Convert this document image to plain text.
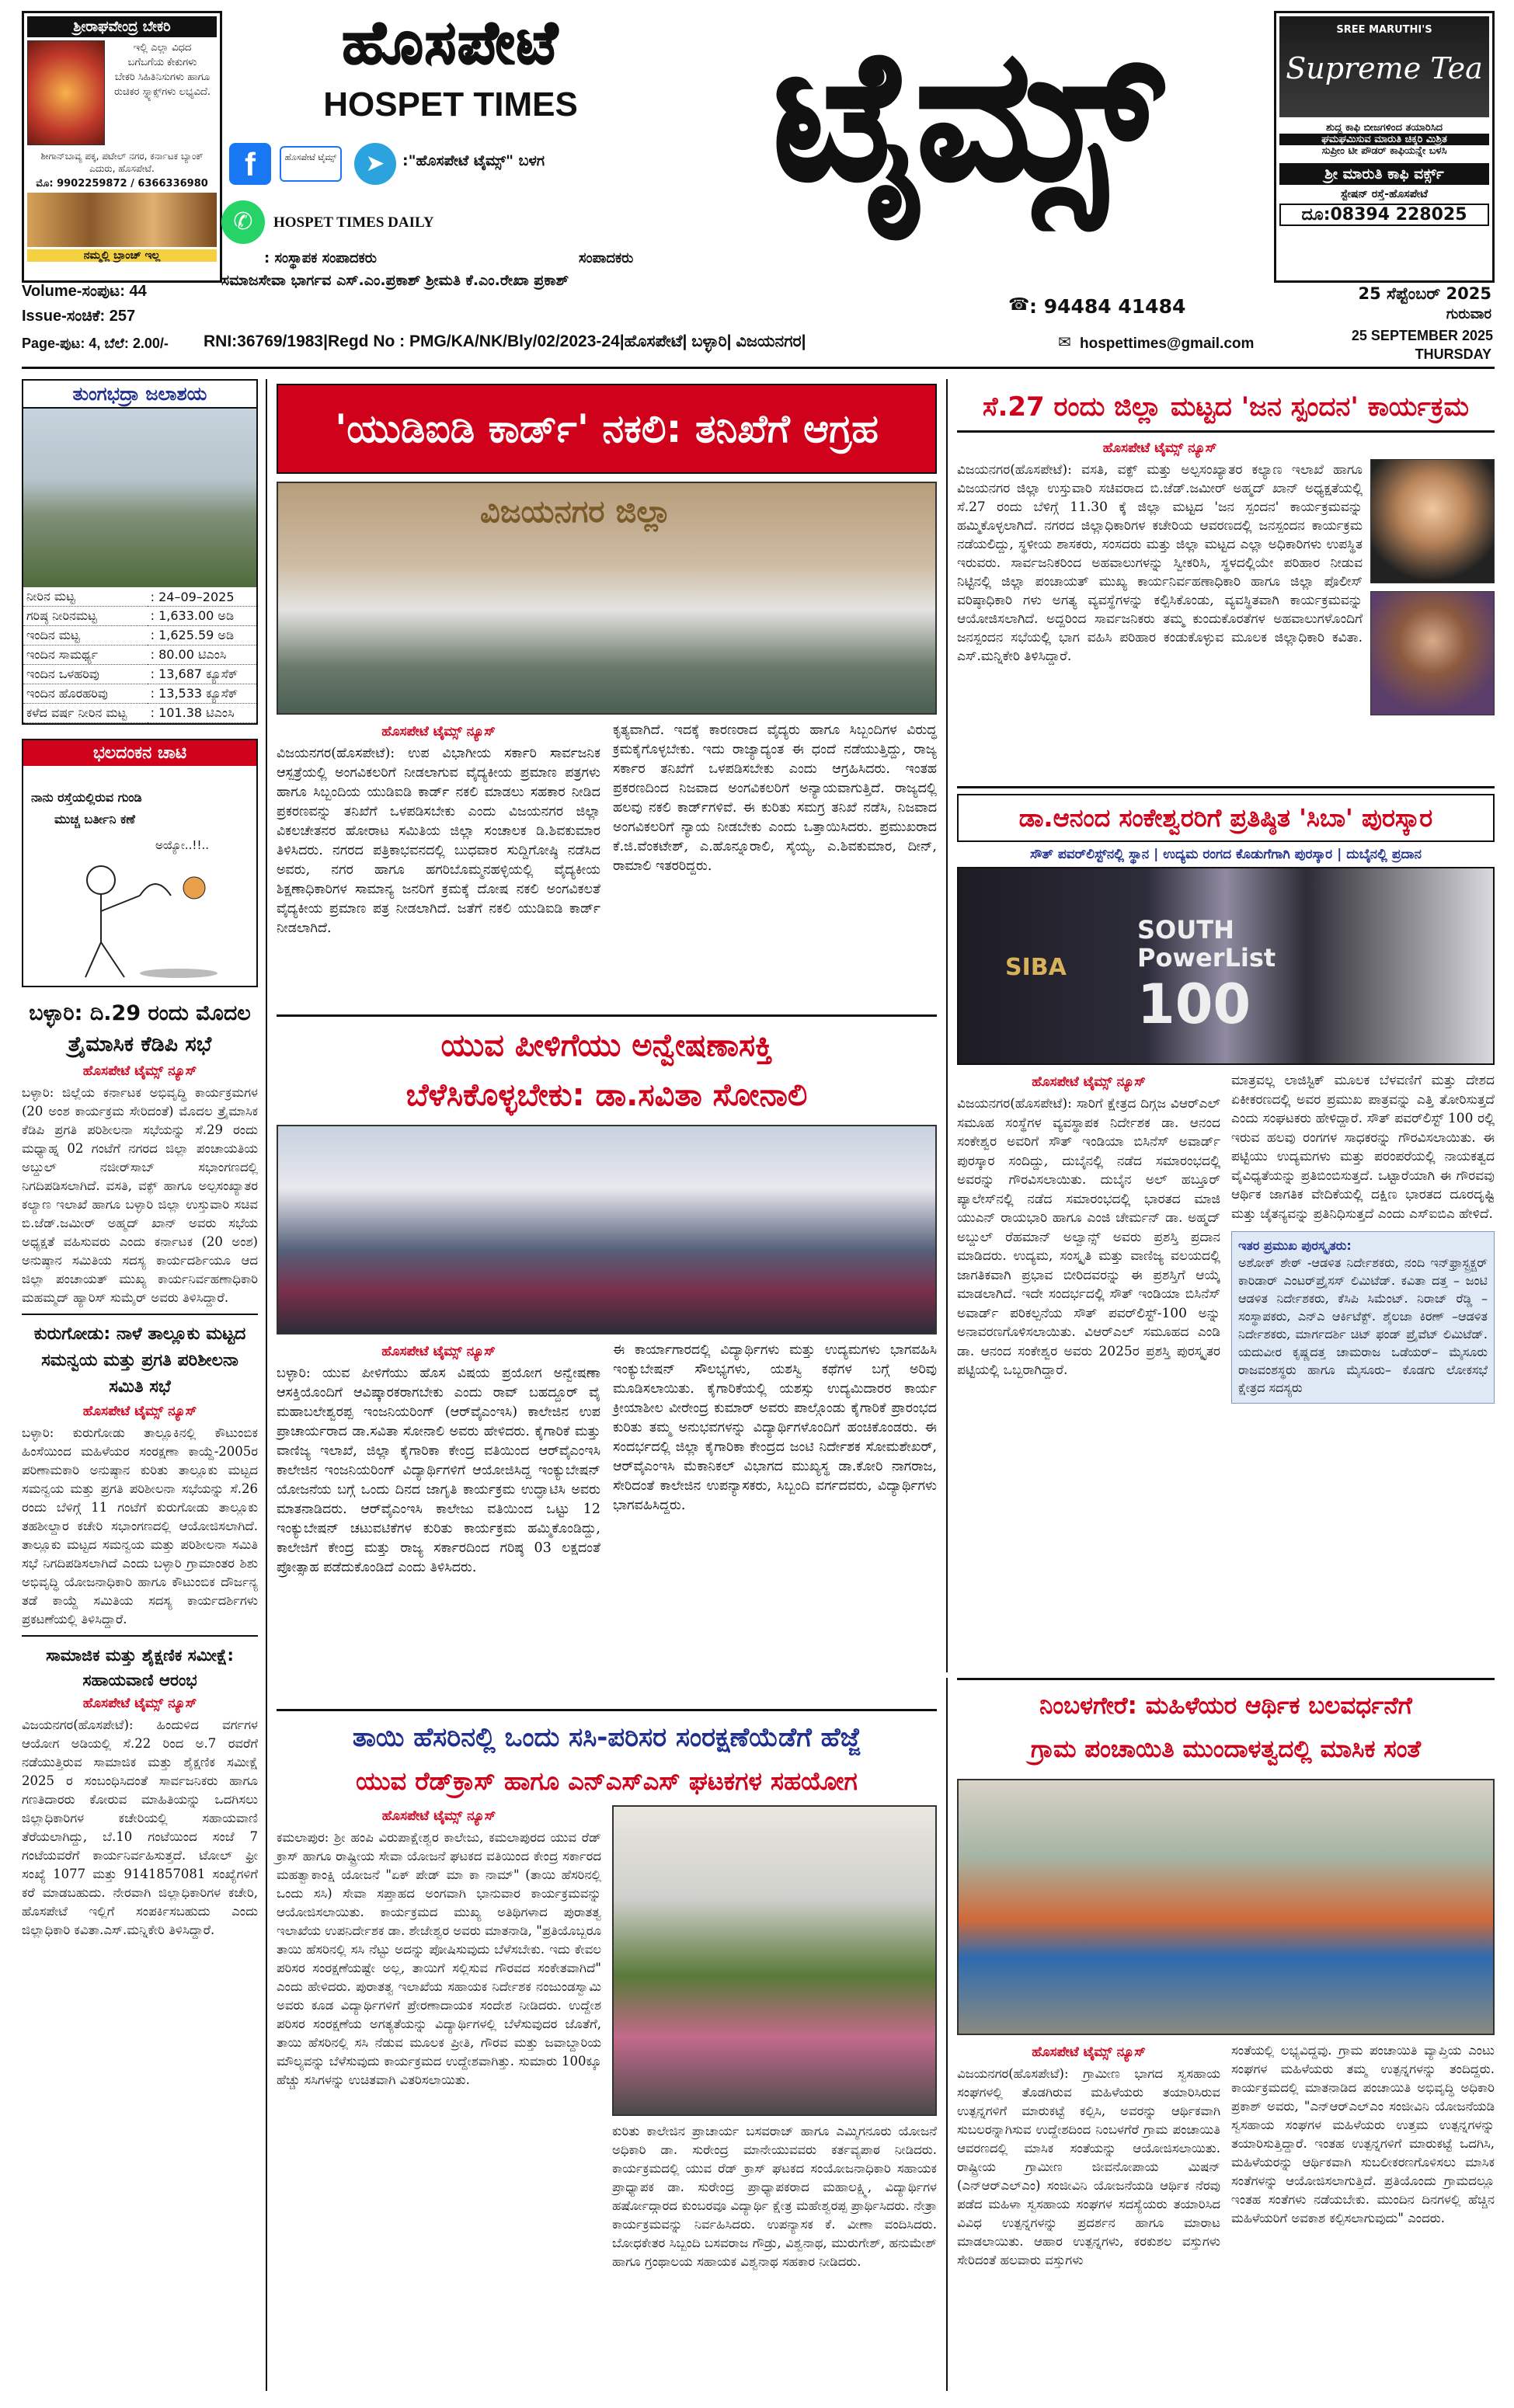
ಶ್ರೀರಾಘವೇಂದ್ರ ಬೇಕರಿ
ಇಲ್ಲಿ ಎಲ್ಲಾ ವಿಧದ
ಬಗೆಬಗೆಯ ಕೇಕುಗಳು
ಬೇಕರಿ ಸಿಹಿತಿನಿಸುಗಳು ಹಾಗೂ
ರುಚಿಕರ ಸ್ನ್ಯಾಕ್ಸ್‌ಗಳು ಲಭ್ಯವಿದೆ.
ಶೀಗಾನ್‌ಬಾವ್ಯ ಪಕ್ಕ, ಪಟೇಲ್ ನಗರ, ಕರ್ನಾಟಕ ಬ್ಯಾಂಕ್ ಎದುರು, ಹೊಸಪೇಟೆ.
ಮೊ: 9902259872 / 6366336980
ನಮ್ಮಲ್ಲಿ ಬ್ರಾಂಚ್ ಇಲ್ಲ
ಹೊಸಪೇಟೆ
HOSPET TIMES	ಟೈಮ್ಸ್
f	ಹೊಸಪೇಟೆ ಟೈಮ್ಸ್	➤	:"ಹೊಸಪೇಟೆ ಟೈಮ್ಸ್" ಬಳಗ
✆	HOSPET TIMES DAILY
: ಸಂಸ್ಥಾಪಕ ಸಂಪಾದಕರು	ಸಂಪಾದಕರು
ಸಮಾಜಸೇವಾ ಭಾರ್ಗವ ಎಸ್.ಎಂ.ಪ್ರಕಾಶ್ ಶ್ರೀಮತಿ ಕೆ.ಎಂ.ರೇಖಾ ಪ್ರಕಾಶ್
: 94484 41484
☎
SREE MARUTHI'S
Supreme Tea
ಶುದ್ಧ ಕಾಫಿ ಬೀಜಗಳಿಂದ ತಯಾರಿಸಿದ
ಘಮಘಮಿಸುವ ಮಾರುತಿ ಚಿಕ್ಕರಿ ಮಿಶ್ರಿತ
ಸುಪ್ರೀಂ ಟೀ ಪೌಡರ್ ಕಾಫಿಯನ್ನೇ ಬಳಸಿ
ಶ್ರೀ ಮಾರುತಿ ಕಾಫಿ ವರ್ಕ್ಸ್
ಸ್ಟೇಷನ್ ರಸ್ತೆ-ಹೊಸಪೇಟೆ
ದೂ:08394 228025
Volume-ಸಂಪುಟ: 44
Issue-ಸಂಚಿಕೆ: 257
Page-ಪುಟ: 4, ಬೆಲೆ: 2.00/- RNI:36769/1983|Regd No : PMG/KA/NK/Bly/02/2023-24|ಹೊಸಪೇಟೆ| ಬಳ್ಳಾರಿ| ವಿಜಯನಗರ|	✉ hospettimes@gmail.com
25 ಸೆಪ್ಟೆಂಬರ್ 2025
ಗುರುವಾರ
25 SEPTEMBER 2025
THURSDAY
ತುಂಗಭದ್ರಾ ಜಲಾಶಯ
ನೀರಿನ ಮಟ್ಟ	: 24–09–2025
ಗರಿಷ್ಠ ನೀರಿನಮಟ್ಟ	: 1,633.00 ಅಡಿ
ಇಂದಿನ ಮಟ್ಟ	: 1,625.59 ಅಡಿ
ಇಂದಿನ ಸಾಮರ್ಥ್ಯ	: 80.00 ಟಿಎಂಸಿ
ಇಂದಿನ ಒಳಹರಿವು	: 13,687 ಕ್ಯೂಸೆಕ್
ಇಂದಿನ ಹೊರಹರಿವು	: 13,533 ಕ್ಯೂಸೆಕ್
ಕಳೆದ ವರ್ಷ ನೀರಿನ ಮಟ್ಟ	: 101.38 ಟಿಎಂಸಿ
ಭಲದಂಕನ ಚಾಟಿ
ನಾನು ರಸ್ತೆಯಲ್ಲಿರುವ ಗುಂಡಿ
ಮುಚ್ಚ ಬರ್ತೀನಿ ಕಣೆ
ಅಯ್ಯೋ..!!..
ಬಳ್ಳಾರಿ: ದಿ.29 ರಂದು ಮೊದಲ ತ್ರೈಮಾಸಿಕ ಕೆಡಿಪಿ ಸಭೆ
ಹೊಸಪೇಟೆ ಟೈಮ್ಸ್ ನ್ಯೂಸ್
ಬಳ್ಳಾರಿ: ಜಿಲ್ಲೆಯ ಕರ್ನಾಟಕ ಅಭಿವೃದ್ಧಿ ಕಾರ್ಯಕ್ರಮಗಳ (20 ಅಂಶ ಕಾರ್ಯಕ್ರಮ ಸೇರಿದಂತೆ) ಮೊದಲ ತ್ರೈಮಾಸಿಕ ಕೆಡಿಪಿ ಪ್ರಗತಿ ಪರಿಶೀಲನಾ ಸಭೆಯನ್ನು ಸೆ.29 ರಂದು ಮಧ್ಯಾಹ್ನ 02 ಗಂಟೆಗೆ ನಗರದ ಜಿಲ್ಲಾ ಪಂಚಾಯತಿಯ ಅಬ್ದುಲ್ ನಜೀರ್‌ಸಾಬ್ ಸಭಾಂಗಣದಲ್ಲಿ ನಿಗದಿಪಡಿಸಲಾಗಿದೆ. ವಸತಿ, ವಕ್ಫ್ ಹಾಗೂ ಅಲ್ಪಸಂಖ್ಯಾತರ ಕಲ್ಯಾಣ ಇಲಾಖೆ ಹಾಗೂ ಬಳ್ಳಾರಿ ಜಿಲ್ಲಾ ಉಸ್ತುವಾರಿ ಸಚಿವ ಬಿ.ಜೆಡ್.ಜಮೀರ್ ಅಹ್ಮದ್ ಖಾನ್ ಅವರು ಸಭೆಯ ಅಧ್ಯಕ್ಷತೆ ವಹಿಸುವರು ಎಂದು ಕರ್ನಾಟಕ (20 ಅಂಶ) ಅನುಷ್ಠಾನ ಸಮಿತಿಯ ಸದಸ್ಯ ಕಾರ್ಯದರ್ಶಿಯೂ ಆದ ಜಿಲ್ಲಾ ಪಂಚಾಯತ್ ಮುಖ್ಯ ಕಾರ್ಯನಿರ್ವಹಣಾಧಿಕಾರಿ ಮಹಮ್ಮದ್ ಹ್ಯಾರಿಸ್ ಸುಮೈರ್ ಅವರು ತಿಳಿಸಿದ್ದಾರೆ.
ಕುರುಗೋಡು: ನಾಳೆ ತಾಲ್ಲೂಕು ಮಟ್ಟದ ಸಮನ್ವಯ ಮತ್ತು ಪ್ರಗತಿ ಪರಿಶೀಲನಾ ಸಮಿತಿ ಸಭೆ
ಹೊಸಪೇಟೆ ಟೈಮ್ಸ್ ನ್ಯೂಸ್
ಬಳ್ಳಾರಿ: ಕುರುಗೋಡು ತಾಲ್ಲೂಕಿನಲ್ಲಿ ಕೌಟುಂಬಿಕ ಹಿಂಸೆಯಿಂದ ಮಹಿಳೆಯರ ಸಂರಕ್ಷಣಾ ಕಾಯ್ದೆ-2005ರ ಪರಿಣಾಮಕಾರಿ ಅನುಷ್ಠಾನ ಕುರಿತು ತಾಲ್ಲೂಕು ಮಟ್ಟದ ಸಮನ್ವಯ ಮತ್ತು ಪ್ರಗತಿ ಪರಿಶೀಲನಾ ಸಭೆಯನ್ನು ಸೆ.26 ರಂದು ಬೆಳಿಗ್ಗೆ 11 ಗಂಟೆಗೆ ಕುರುಗೋಡು ತಾಲ್ಲೂಕು ತಹಶೀಲ್ದಾರ ಕಚೇರಿ ಸಭಾಂಗಣದಲ್ಲಿ ಆಯೋಜಿಸಲಾಗಿದೆ. ತಾಲ್ಲೂಕು ಮಟ್ಟದ ಸಮನ್ವಯ ಮತ್ತು ಪರಿಶೀಲನಾ ಸಮಿತಿ ಸಭೆ ನಿಗದಿಪಡಿಸಲಾಗಿದೆ ಎಂದು ಬಳ್ಳಾರಿ ಗ್ರಾಮಾಂತರ ಶಿಶು ಅಭಿವೃದ್ಧಿ ಯೋಜನಾಧಿಕಾರಿ ಹಾಗೂ ಕೌಟುಂಬಿಕ ದೌರ್ಜನ್ಯ ತಡೆ ಕಾಯ್ದೆ ಸಮಿತಿಯ ಸದಸ್ಯ ಕಾರ್ಯದರ್ಶಿಗಳು ಪ್ರಕಟಣೆಯಲ್ಲಿ ತಿಳಿಸಿದ್ದಾರೆ.
ಸಾಮಾಜಿಕ ಮತ್ತು ಶೈಕ್ಷಣಿಕ ಸಮೀಕ್ಷೆ: ಸಹಾಯವಾಣಿ ಆರಂಭ
ಹೊಸಪೇಟೆ ಟೈಮ್ಸ್ ನ್ಯೂಸ್
ವಿಜಯನಗರ(ಹೊಸಪೇಟೆ): ಹಿಂದುಳಿದ ವರ್ಗಗಳ ಆಯೋಗ ಅಡಿಯಲ್ಲಿ ಸೆ.22 ರಿಂದ ಅ.7 ರವರೆಗೆ ನಡೆಯುತ್ತಿರುವ ಸಾಮಾಜಿಕ ಮತ್ತು ಶೈಕ್ಷಣಿಕ ಸಮೀಕ್ಷೆ 2025 ರ ಸಂಬಂಧಿಸಿದಂತೆ ಸಾರ್ವಜನಿಕರು ಹಾಗೂ ಗಣತಿದಾರರು ಕೋರುವ ಮಾಹಿತಿಯನ್ನು ಒದಗಿಸಲು ಜಿಲ್ಲಾಧಿಕಾರಿಗಳ ಕಚೇರಿಯಲ್ಲಿ ಸಹಾಯವಾಣಿ ತೆರೆಯಲಾಗಿದ್ದು, ಬೆ.10 ಗಂಟೆಯಿಂದ ಸಂಜೆ 7 ಗಂಟೆಯವರೆಗೆ ಕಾರ್ಯನಿರ್ವಹಿಸುತ್ತದೆ. ಟೋಲ್ ಫ್ರೀ ಸಂಖ್ಯೆ 1077 ಮತ್ತು 9141857081 ಸಂಖ್ಯೆಗಳಿಗೆ ಕರೆ ಮಾಡಬಹುದು. ನೇರವಾಗಿ ಜಿಲ್ಲಾಧಿಕಾರಿಗಳ ಕಚೇರಿ, ಹೊಸಪೇಟೆ ಇಲ್ಲಿಗೆ ಸಂಪರ್ಕಿಸಬಹುದು ಎಂದು ಜಿಲ್ಲಾಧಿಕಾರಿ ಕವಿತಾ.ಎಸ್.ಮನ್ನಿಕೇರಿ ತಿಳಿಸಿದ್ದಾರೆ.
'ಯುಡಿಐಡಿ ಕಾರ್ಡ್' ನಕಲಿ: ತನಿಖೆಗೆ ಆಗ್ರಹ
ವಿಜಯನಗರ ಜಿಲ್ಲಾ
ಹೊಸಪೇಟೆ ಟೈಮ್ಸ್ ನ್ಯೂಸ್
ವಿಜಯನಗರ(ಹೊಸಪೇಟೆ): ಉಪ ವಿಭಾಗೀಯ ಸರ್ಕಾರಿ ಸಾರ್ವಜನಿಕ ಆಸ್ಪತ್ರೆಯಲ್ಲಿ ಅಂಗವಿಕಲರಿಗೆ ನೀಡಲಾಗುವ ವೈದ್ಯಕೀಯ ಪ್ರಮಾಣ ಪತ್ರಗಳು ಹಾಗೂ ಸಿಬ್ಬಂದಿಯ ಯುಡಿಐಡಿ ಕಾರ್ಡ್ ನಕಲಿ ಮಾಡಲು ಸಹಕಾರ ನೀಡಿದ ಪ್ರಕರಣವನ್ನು ತನಿಖೆಗೆ ಒಳಪಡಿಸಬೇಕು ಎಂದು ವಿಜಯನಗರ ಜಿಲ್ಲಾ ವಿಕಲಚೇತನರ ಹೋರಾಟ ಸಮಿತಿಯ ಜಿಲ್ಲಾ ಸಂಚಾಲಕ ಡಿ.ಶಿವಕುಮಾರ ತಿಳಿಸಿದರು. ನಗರದ ಪತ್ರಿಕಾಭವನದಲ್ಲಿ ಬುಧವಾರ ಸುದ್ದಿಗೋಷ್ಠಿ ನಡೆಸಿದ ಅವರು, ನಗರ ಹಾಗೂ ಹಗರಿಬೊಮ್ಮನಹಳ್ಳಿಯಲ್ಲಿ ವೈದ್ಯಕೀಯ ಶಿಕ್ಷಣಾಧಿಕಾರಿಗಳ ಸಾಮಾನ್ಯ ಜನರಿಗೆ ಕ್ರಮಕ್ಕೆ ದೋಷ ನಕಲಿ ಅಂಗವಿಕಲತೆ ವೈದ್ಯಕೀಯ ಪ್ರಮಾಣ ಪತ್ರ ನೀಡಲಾಗಿದೆ. ಜತೆಗೆ ನಕಲಿ ಯುಡಿಐಡಿ ಕಾರ್ಡ್ ನೀಡಲಾಗಿದೆ.
ಕೃತ್ಯವಾಗಿದೆ. ಇದಕ್ಕೆ ಕಾರಣರಾದ ವೈದ್ಯರು ಹಾಗೂ ಸಿಬ್ಬಂದಿಗಳ ವಿರುದ್ಧ ಕ್ರಮಕೈಗೊಳ್ಳಬೇಕು. ಇದು ರಾಜ್ಯಾದ್ಯಂತ ಈ ಧಂದೆ ನಡೆಯುತ್ತಿದ್ದು, ರಾಜ್ಯ ಸರ್ಕಾರ ತನಿಖೆಗೆ ಒಳಪಡಿಸಬೇಕು ಎಂದು ಆಗ್ರಹಿಸಿದರು. ಇಂತಹ ಪ್ರಕರಣದಿಂದ ನಿಜವಾದ ಅಂಗವಿಕಲರಿಗೆ ಅನ್ಯಾಯವಾಗುತ್ತಿದೆ. ರಾಜ್ಯದಲ್ಲಿ ಹಲವು ನಕಲಿ ಕಾರ್ಡ್‌ಗಳಿವೆ. ಈ ಕುರಿತು ಸಮಗ್ರ ತನಿಖೆ ನಡೆಸಿ, ನಿಜವಾದ ಅಂಗವಿಕಲರಿಗೆ ನ್ಯಾಯ ನೀಡಬೇಕು ಎಂದು ಒತ್ತಾಯಿಸಿದರು. ಪ್ರಮುಖರಾದ ಕೆ.ಜಿ.ವೆಂಕಟೇಶ್, ಎ.ಹೊನ್ನೂರಾಲಿ, ಸೈಯ್ಯ, ಎ.ಶಿವಕುಮಾರ, ದೀನ್, ರಾಮಾಲಿ ಇತರರಿದ್ದರು.
ಸೆ.27 ರಂದು ಜಿಲ್ಲಾ ಮಟ್ಟದ 'ಜನ ಸ್ಪಂದನ' ಕಾರ್ಯಕ್ರಮ
ಹೊಸಪೇಟೆ ಟೈಮ್ಸ್ ನ್ಯೂಸ್
ವಿಜಯನಗರ(ಹೊಸಪೇಟೆ): ವಸತಿ, ವಕ್ಫ್ ಮತ್ತು ಅಲ್ಪಸಂಖ್ಯಾತರ ಕಲ್ಯಾಣ ಇಲಾಖೆ ಹಾಗೂ ವಿಜಯನಗರ ಜಿಲ್ಲಾ ಉಸ್ತುವಾರಿ ಸಚಿವರಾದ ಬಿ.ಜೆಡ್.ಜಮೀರ್ ಅಹ್ಮದ್ ಖಾನ್ ಅಧ್ಯಕ್ಷತೆಯಲ್ಲಿ ಸೆ.27 ರಂದು ಬೆಳಿಗ್ಗೆ 11.30 ಕ್ಕೆ ಜಿಲ್ಲಾ ಮಟ್ಟದ 'ಜನ ಸ್ಪಂದನ' ಕಾರ್ಯಕ್ರಮವನ್ನು ಹಮ್ಮಿಕೊಳ್ಳಲಾಗಿದೆ. ನಗರದ ಜಿಲ್ಲಾಧಿಕಾರಿಗಳ ಕಚೇರಿಯ ಆವರಣದಲ್ಲಿ ಜನಸ್ಪಂದನ ಕಾರ್ಯಕ್ರಮ ನಡೆಯಲಿದ್ದು, ಸ್ಥಳೀಯ ಶಾಸಕರು, ಸಂಸದರು ಮತ್ತು ಜಿಲ್ಲಾ ಮಟ್ಟದ ಎಲ್ಲಾ ಅಧಿಕಾರಿಗಳು ಉಪಸ್ಥಿತ ಇರುವರು. ಸಾರ್ವಜನಿಕರಿಂದ ಅಹವಾಲುಗಳನ್ನು ಸ್ವೀಕರಿಸಿ, ಸ್ಥಳದಲ್ಲಿಯೇ ಪರಿಹಾರ ನೀಡುವ ನಿಟ್ಟಿನಲ್ಲಿ ಜಿಲ್ಲಾ ಪಂಚಾಯತ್ ಮುಖ್ಯ ಕಾರ್ಯನಿರ್ವಹಣಾಧಿಕಾರಿ ಹಾಗೂ ಜಿಲ್ಲಾ ಪೊಲೀಸ್ ವರಿಷ್ಠಾಧಿಕಾರಿ ಗಳು ಅಗತ್ಯ ವ್ಯವಸ್ಥೆಗಳನ್ನು ಕಲ್ಪಿಸಿಕೊಂಡು, ವ್ಯವಸ್ಥಿತವಾಗಿ ಕಾರ್ಯಕ್ರಮವನ್ನು ಆಯೋಜಿಸಲಾಗಿದೆ. ಅದ್ದರಿಂದ ಸಾರ್ವಜನಿಕರು ತಮ್ಮ ಕುಂದುಕೊರತೆಗಳ ಅಹವಾಲುಗಳೊಂದಿಗೆ ಜನಸ್ಪಂದನ ಸಭೆಯಲ್ಲಿ ಭಾಗ ವಹಿಸಿ ಪರಿಹಾರ ಕಂಡುಕೊಳ್ಳುವ ಮೂಲಕ ಜಿಲ್ಲಾಧಿಕಾರಿ ಕವಿತಾ. ಎಸ್.ಮನ್ನಿಕೇರಿ ತಿಳಿಸಿದ್ದಾರೆ.
ಡಾ.ಆನಂದ ಸಂಕೇಶ್ವರರಿಗೆ ಪ್ರತಿಷ್ಠಿತ 'ಸಿಬಾ' ಪುರಸ್ಕಾರ
ಸೌತ್ ಪವರ್‌ಲಿಸ್ಟ್‌ನಲ್ಲಿ ಸ್ಥಾನ | ಉದ್ಯಮ ರಂಗದ ಕೊಡುಗೆಗಾಗಿ ಪುರಸ್ಕಾರ | ದುಬೈನಲ್ಲಿ ಪ್ರದಾನ
SOUTH
PowerList
100
SIBA
ಹೊಸಪೇಟೆ ಟೈಮ್ಸ್ ನ್ಯೂಸ್
ವಿಜಯನಗರ(ಹೊಸಪೇಟೆ): ಸಾರಿಗೆ ಕ್ಷೇತ್ರದ ದಿಗ್ಗಜ ವಿಆರ್‌ಎಲ್ ಸಮೂಹ ಸಂಸ್ಥೆಗಳ ವ್ಯವಸ್ಥಾಪಕ ನಿರ್ದೇಶಕ ಡಾ. ಆನಂದ ಸಂಕೇಶ್ವರ ಅವರಿಗೆ ಸೌತ್ ಇಂಡಿಯಾ ಬಿಸಿನೆಸ್ ಅವಾರ್ಡ್ ಪುರಸ್ಕಾರ ಸಂದಿದ್ದು, ದುಬೈನಲ್ಲಿ ನಡೆದ ಸಮಾರಂಭದಲ್ಲಿ ಅವರನ್ನು ಗೌರವಿಸಲಾಯಿತು. ದುಬೈನ ಅಲ್ ಹಬ್ತೂರ್ ಪ್ಯಾಲೇಸ್‌ನಲ್ಲಿ ನಡೆದ ಸಮಾರಂಭದಲ್ಲಿ ಭಾರತದ ಮಾಜಿ ಯುಎನ್ ರಾಯಭಾರಿ ಹಾಗೂ ಎಂಜಿ ಚೇರ್ಮನ್ ಡಾ. ಅಹ್ಮದ್ ಅಬ್ದುಲ್ ರೆಹಮಾನ್ ಅಲ್ವಾನ್ಸ್ ಅವರು ಪ್ರಶಸ್ತಿ ಪ್ರದಾನ ಮಾಡಿದರು. ಉದ್ಯಮ, ಸಂಸ್ಕೃತಿ ಮತ್ತು ವಾಣಿಜ್ಯ ವಲಯದಲ್ಲಿ ಜಾಗತಿಕವಾಗಿ ಪ್ರಭಾವ ಬೀರಿದವರನ್ನು ಈ ಪ್ರಶಸ್ತಿಗೆ ಆಯ್ಕೆ ಮಾಡಲಾಗಿದೆ. ಇದೇ ಸಂದರ್ಭದಲ್ಲಿ ಸೌತ್ ಇಂಡಿಯಾ ಬಿಸಿನೆಸ್ ಅವಾರ್ಡ್ ಪರಿಕಲ್ಪನೆಯ ಸೌತ್ ಪವರ್‌ಲಿಸ್ಟ್-100 ಅನ್ನು ಅನಾವರಣಗೊಳಿಸಲಾಯಿತು. ವಿಆರ್‌ಎಲ್ ಸಮೂಹದ ಎಂಡಿ ಡಾ. ಆನಂದ ಸಂಕೇಶ್ವರ ಅವರು 2025ರ ಪ್ರಶಸ್ತಿ ಪುರಸ್ಕೃತರ ಪಟ್ಟಿಯಲ್ಲಿ ಒಬ್ಬರಾಗಿದ್ದಾರೆ.
ಮಾತ್ರವಲ್ಲ ಲಾಜಿಸ್ಟಿಕ್ ಮೂಲಕ ಬೆಳವಣಿಗೆ ಮತ್ತು ದೇಶದ ಏಕೀಕರಣದಲ್ಲಿ ಅವರ ಪ್ರಮುಖ ಪಾತ್ರವನ್ನು ಎತ್ತಿ ತೋರಿಸುತ್ತದೆ ಎಂದು ಸಂಘಟಕರು ಹೇಳಿದ್ದಾರೆ. ಸೌತ್ ಪವರ್‌ಲಿಸ್ಟ್ 100 ರಲ್ಲಿ ಇರುವ ಹಲವು ರಂಗಗಳ ಸಾಧಕರನ್ನು ಗೌರವಿಸಲಾಯಿತು. ಈ ಪಟ್ಟಿಯು ಉದ್ಯಮಗಳು ಮತ್ತು ಪರಂಪರೆಯಲ್ಲಿ ನಾಯಕತ್ವದ ವೈವಿಧ್ಯತೆಯನ್ನು ಪ್ರತಿಬಿಂಬಿಸುತ್ತದೆ. ಒಟ್ಟಾರೆಯಾಗಿ ಈ ಗೌರವವು ಆರ್ಥಿಕ ಜಾಗತಿಕ ವೇದಿಕೆಯಲ್ಲಿ ದಕ್ಷಿಣ ಭಾರತದ ದೂರದೃಷ್ಟಿ ಮತ್ತು ಚೈತನ್ಯವನ್ನು ಪ್ರತಿನಿಧಿಸುತ್ತದೆ ಎಂದು ಎಸ್‌ಐಬಿಎ ಹೇಳಿದೆ.
ಇತರ ಪ್ರಮುಖ ಪುರಸ್ಕೃತರು:
ಅಶೋಕ್ ಶೇಠ್ -ಆಡಳಿತ ನಿರ್ದೇಶಕರು, ನಂದಿ ಇನ್‌ಫ್ರಾಸ್ಟ್ರಕ್ಚರ್ ಕಾರಿಡಾರ್ ಎಂಟರ್‌ಪ್ರೈಸಸ್ ಲಿಮಿಟೆಡ್. ಕವಿತಾ ದತ್ತ – ಜಂಟಿ ಆಡಳಿತ ನಿರ್ದೇಶಕರು, ಕೆಸಿಪಿ ಸಿಮೆಂಟ್. ನಿರಾಜ್ ರೆಡ್ಡಿ – ಸಂಸ್ಥಾಪಕರು, ಎನ್‌ಎ ಆರ್ಕಿಟೆಕ್ಟ್. ಶೈಲಜಾ ಕಿರಣ್ –ಆಡಳಿತ ನಿರ್ದೇಶಕರು, ಮಾರ್ಗದರ್ಶಿ ಚಿಟ್ ಫಂಡ್ ಪ್ರೈವೆಟ್ ಲಿಮಿಟೆಡ್. ಯದುವೀರ ಕೃಷ್ಣದತ್ತ ಚಾಮರಾಜ ಒಡೆಯರ್– ಮೈಸೂರು ರಾಜವಂಶಸ್ಥರು ಹಾಗೂ ಮೈಸೂರು– ಕೊಡಗು ಲೋಕಸಭೆ ಕ್ಷೇತ್ರದ ಸದಸ್ಯರು
ಯುವ ಪೀಳಿಗೆಯು ಅನ್ವೇಷಣಾಸಕ್ತಿ
ಬೆಳೆಸಿಕೊಳ್ಳಬೇಕು: ಡಾ.ಸವಿತಾ ಸೋನಾಲಿ
ಹೊಸಪೇಟೆ ಟೈಮ್ಸ್ ನ್ಯೂಸ್
ಬಳ್ಳಾರಿ: ಯುವ ಪೀಳಿಗೆಯು ಹೊಸ ವಿಷಯ ಪ್ರಯೋಗ ಅನ್ವೇಷಣಾ ಆಸಕ್ತಿಯೊಂದಿಗೆ ಆವಿಷ್ಕಾರಕರಾಗಬೇಕು ಎಂದು ರಾವ್ ಬಹದ್ದೂರ್ ವೈ ಮಹಾಬಲೇಶ್ವರಪ್ಪ ಇಂಜನಿಯರಿಂಗ್ (ಆರ್‌ವೈಎಂಇಸಿ) ಕಾಲೇಜಿನ ಉಪ ಪ್ರಾಚಾರ್ಯರಾದ ಡಾ.ಸವಿತಾ ಸೋನಾಲಿ ಅವರು ಹೇಳಿದರು. ಕೈಗಾರಿಕೆ ಮತ್ತು ವಾಣಿಜ್ಯ ಇಲಾಖೆ, ಜಿಲ್ಲಾ ಕೈಗಾರಿಕಾ ಕೇಂದ್ರ ವತಿಯಿಂದ ಆರ್‌ವೈಎಂಇಸಿ ಕಾಲೇಜಿನ ಇಂಜನಿಯರಿಂಗ್ ವಿದ್ಯಾರ್ಥಿಗಳಿಗೆ ಆಯೋಜಿಸಿದ್ದ ಇಂಕ್ಯುಬೇಷನ್ ಯೋಜನೆಯ ಬಗ್ಗೆ ಒಂದು ದಿನದ ಜಾಗೃತಿ ಕಾರ್ಯಕ್ರಮ ಉದ್ಘಾಟಿಸಿ ಅವರು ಮಾತನಾಡಿದರು. ಆರ್‌ವೈಎಂಇಸಿ ಕಾಲೇಜು ವತಿಯಿಂದ ಒಟ್ಟು 12 ಇಂಕ್ಯುಬೇಷನ್ ಚಟುವಟಿಕೆಗಳ ಕುರಿತು ಕಾರ್ಯಕ್ರಮ ಹಮ್ಮಿಕೊಂಡಿದ್ದು, ಕಾಲೇಜಿಗೆ ಕೇಂದ್ರ ಮತ್ತು ರಾಜ್ಯ ಸರ್ಕಾರದಿಂದ ಗರಿಷ್ಠ 03 ಲಕ್ಷದಂತೆ ಪ್ರೋತ್ಸಾಹ ಪಡೆದುಕೊಂಡಿದೆ ಎಂದು ತಿಳಿಸಿದರು.
ಈ ಕಾರ್ಯಾಗಾರದಲ್ಲಿ ವಿದ್ಯಾರ್ಥಿಗಳು ಮತ್ತು ಉದ್ಯಮಗಳು ಭಾಗವಹಿಸಿ ಇಂಕ್ಯುಬೇಷನ್ ಸೌಲಭ್ಯಗಳು, ಯಶಸ್ವಿ ಕಥೆಗಳ ಬಗ್ಗೆ ಅರಿವು ಮೂಡಿಸಲಾಯಿತು. ಕೈಗಾರಿಕೆಯಲ್ಲಿ ಯಶಸ್ಸು ಉದ್ಯಮಿದಾರರ ಕಾರ್ಯ ಕ್ರೀಯಾಶೀಲ ವೀರೇಂದ್ರ ಕುಮಾರ್ ಅವರು ಪಾಲ್ಗೊಂಡು ಕೈಗಾರಿಕೆ ಪ್ರಾರಂಭದ ಕುರಿತು ತಮ್ಮ ಅನುಭವಗಳನ್ನು ವಿದ್ಯಾರ್ಥಿಗಳೊಂದಿಗೆ ಹಂಚಿಕೊಂಡರು. ಈ ಸಂದರ್ಭದಲ್ಲಿ ಜಿಲ್ಲಾ ಕೈಗಾರಿಕಾ ಕೇಂದ್ರದ ಜಂಟಿ ನಿರ್ದೇಶಕ ಸೋಮಶೇಖರ್, ಆರ್‌ವೈಎಂಇಸಿ ಮೆಕಾನಿಕಲ್ ವಿಭಾಗದ ಮುಖ್ಯಸ್ಥ ಡಾ.ಕೋರಿ ನಾಗರಾಜ, ಸೇರಿದಂತೆ ಕಾಲೇಜಿನ ಉಪನ್ಯಾಸಕರು, ಸಿಬ್ಬಂದಿ ವರ್ಗದವರು, ವಿದ್ಯಾರ್ಥಿಗಳು ಭಾಗವಹಿಸಿದ್ದರು.
ತಾಯಿ ಹೆಸರಿನಲ್ಲಿ ಒಂದು ಸಸಿ-ಪರಿಸರ ಸಂರಕ್ಷಣೆಯೆಡೆಗೆ ಹೆಜ್ಜೆ
ಯುವ ರೆಡ್‌ಕ್ರಾಸ್ ಹಾಗೂ ಎನ್‌ಎಸ್‌ಎಸ್ ಘಟಕಗಳ ಸಹಯೋಗ
ಹೊಸಪೇಟೆ ಟೈಮ್ಸ್ ನ್ಯೂಸ್
ಕಮಲಾಪುರ: ಶ್ರೀ ಹಂಪಿ ವಿರುಪಾಕ್ಷೇಶ್ವರ ಕಾಲೇಜು, ಕಮಲಾಪುರದ ಯುವ ರೆಡ್ ಕ್ರಾಸ್ ಹಾಗೂ ರಾಷ್ಟ್ರೀಯ ಸೇವಾ ಯೋಜನೆ ಘಟಕದ ವತಿಯಿಂದ ಕೇಂದ್ರ ಸರ್ಕಾರದ ಮಹತ್ವಾಕಾಂಕ್ಷಿ ಯೋಜನೆ "ಏಕ್ ಪೇಡ್ ಮಾ ಕಾ ನಾಮ್" (ತಾಯಿ ಹೆಸರಿನಲ್ಲಿ ಒಂದು ಸಸಿ) ಸೇವಾ ಸಪ್ತಾಹದ ಅಂಗವಾಗಿ ಭಾನುವಾರ ಕಾರ್ಯಕ್ರಮವನ್ನು ಆಯೋಜಿಸಲಾಯಿತು. ಕಾರ್ಯಕ್ರಮದ ಮುಖ್ಯ ಅತಿಥಿಗಳಾದ ಪುರಾತತ್ವ ಇಲಾಖೆಯ ಉಪನಿರ್ದೇಶಕ ಡಾ. ಶೇಜೇಶ್ವರ ಅವರು ಮಾತನಾಡಿ, "ಪ್ರತಿಯೊಬ್ಬರೂ ತಾಯಿ ಹೆಸರಿನಲ್ಲಿ ಸಸಿ ನೆಟ್ಟು ಅದನ್ನು ಪೋಷಿಸುವುದು ಬೆಳೆಸಬೇಕು. ಇದು ಕೇವಲ ಪರಿಸರ ಸಂರಕ್ಷಣೆಯಷ್ಟೇ ಅಲ್ಲ, ತಾಯಿಗೆ ಸಲ್ಲಿಸುವ ಗೌರವದ ಸಂಕೇತವಾಗಿದೆ" ಎಂದು ಹೇಳಿದರು. ಪುರಾತತ್ವ ಇಲಾಖೆಯ ಸಹಾಯಕ ನಿರ್ದೇಶಕ ನಂಜುಂಡಸ್ವಾಮಿ ಅವರು ಕೂಡ ವಿದ್ಯಾರ್ಥಿಗಳಿಗೆ ಪ್ರೇರಣಾದಾಯಕ ಸಂದೇಶ ನೀಡಿದರು. ಉದ್ದೇಶ ಪರಿಸರ ಸಂರಕ್ಷಣೆಯ ಅಗತ್ಯತೆಯನ್ನು ವಿದ್ಯಾರ್ಥಿಗಳಲ್ಲಿ ಬೆಳೆಸುವುದರ ಜೊತೆಗೆ, ತಾಯಿ ಹೆಸರಿನಲ್ಲಿ ಸಸಿ ನೆಡುವ ಮೂಲಕ ಪ್ರೀತಿ, ಗೌರವ ಮತ್ತು ಜವಾಬ್ದಾರಿಯ ಮೌಲ್ಯವನ್ನು ಬೆಳೆಸುವುದು ಕಾರ್ಯಕ್ರಮದ ಉದ್ದೇಶವಾಗಿತ್ತು. ಸುಮಾರು 100ಕ್ಕೂ ಹೆಚ್ಚು ಸಸಿಗಳನ್ನು ಉಚಿತವಾಗಿ ವಿತರಿಸಲಾಯಿತು.
ಕುರಿತು ಕಾಲೇಜಿನ ಪ್ರಾಚಾರ್ಯ ಬಸವರಾಜ್ ಹಾಗೂ ಎಮ್ಮಿಗನೂರು ಯೋಜನೆ ಅಧಿಕಾರಿ ಡಾ. ಸುರೇಂದ್ರ ಮಾನೇಯುವವರು ಕರ್ತವ್ಯಪಾಠ ನೀಡಿದರು. ಕಾರ್ಯಕ್ರಮದಲ್ಲಿ ಯುವ ರೆಡ್ ಕ್ರಾಸ್ ಘಟಕದ ಸಂಯೋಜನಾಧಿಕಾರಿ ಸಹಾಯಕ ಪ್ರಾಧ್ಯಾಪಕ ಡಾ. ಸುರೇಂದ್ರ ಪ್ರಾಧ್ಯಾಪಕರಾದ ಮಹಾಲಕ್ಷ್ಮಿ, ವಿದ್ಯಾರ್ಥಿಗಳ ಹರ್ಷೋದ್ಗಾರದ ಕುಂಬರವೂ ವಿದ್ಯಾರ್ಥಿ ಕ್ಷೇತ್ರ ಮಹೇಶ್ವರಪ್ಪ ಪ್ರಾರ್ಥಿಸಿದರು. ನೇತ್ರಾ ಕಾರ್ಯಕ್ರಮವನ್ನು ನಿರ್ವಹಿಸಿದರು. ಉಪನ್ಯಾಸಕ ಕೆ. ವೀಣಾ ವಂದಿಸಿದರು. ಬೋಧಕೇತರ ಸಿಬ್ಬಂದಿ ಬಸವರಾಜ ಗೌಡ್ರು, ವಿಶ್ವನಾಥ, ಮುರುಗೇಶ್, ಹನುಮೇಶ್ ಹಾಗೂ ಗ್ರಂಥಾಲಯ ಸಹಾಯಕ ವಿಶ್ವನಾಥ ಸಹಕಾರ ನೀಡಿದರು.
ನಿಂಬಳಗೇರೆ: ಮಹಿಳೆಯರ ಆರ್ಥಿಕ ಬಲವರ್ಧನೆಗೆ
ಗ್ರಾಮ ಪಂಚಾಯಿತಿ ಮುಂದಾಳತ್ವದಲ್ಲಿ ಮಾಸಿಕ ಸಂತೆ
ಹೊಸಪೇಟೆ ಟೈಮ್ಸ್ ನ್ಯೂಸ್
ವಿಜಯನಗರ(ಹೊಸಪೇಟೆ): ಗ್ರಾಮೀಣ ಭಾಗದ ಸ್ವಸಹಾಯ ಸಂಘಗಳಲ್ಲಿ ತೊಡಗಿರುವ ಮಹಿಳೆಯರು ತಯಾರಿಸಿರುವ ಉತ್ಪನ್ನಗಳಿಗೆ ಮಾರುಕಟ್ಟೆ ಕಲ್ಪಿಸಿ, ಅವರನ್ನು ಆರ್ಥಿಕವಾಗಿ ಸುಬಲರನ್ನಾಗಿಸುವ ಉದ್ದೇಶದಿಂದ ನಿಂಬಳಗೆರೆ ಗ್ರಾಮ ಪಂಚಾಯಿತಿ ಆವರಣದಲ್ಲಿ ಮಾಸಿಕ ಸಂತೆಯನ್ನು ಆಯೋಜಿಸಲಾಯಿತು. ರಾಷ್ಟ್ರೀಯ ಗ್ರಾಮೀಣ ಜೀವನೋಪಾಯ ಮಿಷನ್ (ಎನ್‌ಆರ್‌ಎಲ್‌ಎಂ) ಸಂಜೀವಿನಿ ಯೋಜನೆಯಡಿ ಆರ್ಥಿಕ ನೆರವು ಪಡೆದ ಮಹಿಳಾ ಸ್ವಸಹಾಯ ಸಂಘಗಳ ಸದಸ್ಯೆಯರು ತಯಾರಿಸಿದ ವಿವಿಧ ಉತ್ಪನ್ನಗಳನ್ನು ಪ್ರದರ್ಶನ ಹಾಗೂ ಮಾರಾಟ ಮಾಡಲಾಯಿತು. ಆಹಾರ ಉತ್ಪನ್ನಗಳು, ಕರಕುಶಲ ವಸ್ತುಗಳು ಸೇರಿದಂತೆ ಹಲವಾರು ವಸ್ತುಗಳು
ಸಂತೆಯಲ್ಲಿ ಲಭ್ಯವಿದ್ದವು. ಗ್ರಾಮ ಪಂಚಾಯಿತಿ ವ್ಯಾಪ್ತಿಯ ಎಂಟು ಸಂಘಗಳ ಮಹಿಳೆಯರು ತಮ್ಮ ಉತ್ಪನ್ನಗಳನ್ನು ತಂದಿದ್ದರು. ಕಾರ್ಯಕ್ರಮದಲ್ಲಿ ಮಾತನಾಡಿದ ಪಂಚಾಯಿತಿ ಅಭಿವೃದ್ಧಿ ಅಧಿಕಾರಿ ಪ್ರಕಾಶ್ ಅವರು, "ಎನ್‌ಆರ್‌ಎಲ್‌ಎಂ ಸಂಜೀವಿನಿ ಯೋಜನೆಯಡಿ ಸ್ವಸಹಾಯ ಸಂಘಗಳ ಮಹಿಳೆಯರು ಉತ್ತಮ ಉತ್ಪನ್ನಗಳನ್ನು ತಯಾರಿಸುತ್ತಿದ್ದಾರೆ. ಇಂತಹ ಉತ್ಪನ್ನಗಳಿಗೆ ಮಾರುಕಟ್ಟೆ ಒದಗಿಸಿ, ಮಹಿಳೆಯರನ್ನು ಆರ್ಥಿಕವಾಗಿ ಸುಬಲೀಕರಣಗೊಳಿಸಲು ಮಾಸಿಕ ಸಂತೆಗಳನ್ನು ಆಯೋಜಿಸಲಾಗುತ್ತಿದೆ. ಪ್ರತಿಯೊಂದು ಗ್ರಾಮದಲ್ಲೂ ಇಂತಹ ಸಂತೆಗಳು ನಡೆಯಬೇಕು. ಮುಂದಿನ ದಿನಗಳಲ್ಲಿ ಹೆಚ್ಚಿನ ಮಹಿಳೆಯರಿಗೆ ಅವಕಾಶ ಕಲ್ಪಿಸಲಾಗುವುದು" ಎಂದರು.
